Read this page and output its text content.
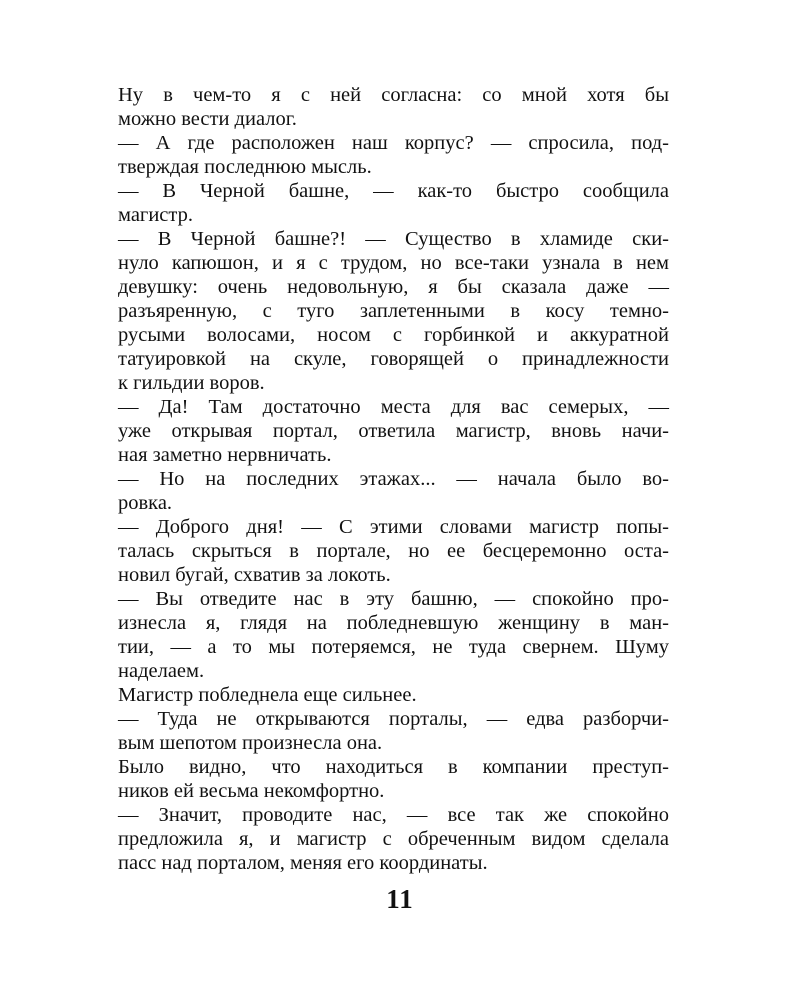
Ну в чем-то я с ней согласна: со мной хотя бы
можно вести диалог.
— А где расположен наш корпус? — спросила, под-
тверждая последнюю мысль.
— В Черной башне, — как-то быстро сообщила
магистр.
— В Черной башне?! — Существо в хламиде ски-
нуло капюшон, и я с трудом, но все-таки узнала в нем
девушку: очень недовольную, я бы сказала даже —
разъяренную, с туго заплетенными в косу темно-
русыми волосами, носом с горбинкой и аккуратной
татуировкой на скуле, говорящей о принадлежности
к гильдии воров.
— Да! Там достаточно места для вас семерых, —
уже открывая портал, ответила магистр, вновь начи-
ная заметно нервничать.
— Но на последних этажах... — начала было во-
ровка.
— Доброго дня! — С этими словами магистр попы-
талась скрыться в портале, но ее бесцеремонно оста-
новил бугай, схватив за локоть.
— Вы отведите нас в эту башню, — спокойно про-
изнесла я, глядя на побледневшую женщину в ман-
тии, — а то мы потеряемся, не туда свернем. Шуму
наделаем.
Магистр побледнела еще сильнее.
— Туда не открываются порталы, — едва разборчи-
вым шепотом произнесла она.
Было видно, что находиться в компании преступ-
ников ей весьма некомфортно.
— Значит, проводите нас, — все так же спокойно
предложила я, и магистр с обреченным видом сделала
пасс над порталом, меняя его координаты.
11
